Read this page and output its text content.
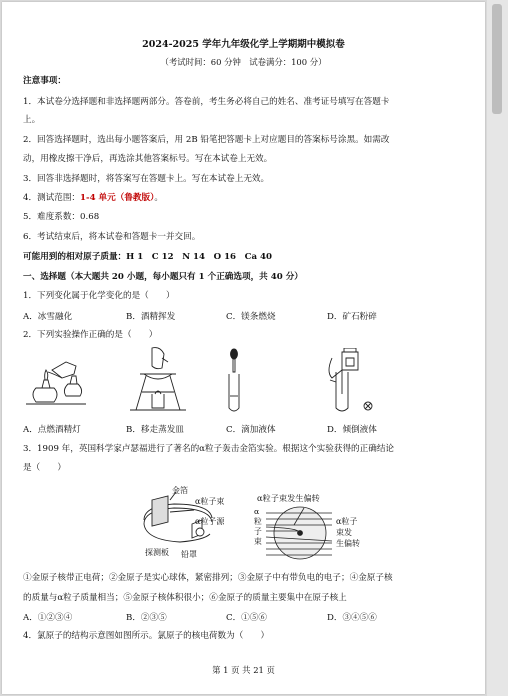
2024-2025 学年九年级化学上学期期中模拟卷
（考试时间：60 分钟　试卷满分：100 分）
注意事项：
1．本试卷分选择题和非选择题两部分。答卷前，考生务必将自己的姓名、准考证号填写在答题卡
上。
2．回答选择题时，选出每小题答案后，用 2B 铅笔把答题卡上对应题目的答案标号涂黑。如需改
动，用橡皮擦干净后，再选涂其他答案标号。写在本试卷上无效。
3．回答非选择题时，将答案写在答题卡上。写在本试卷上无效。
4．测试范围：1-4 单元（鲁教版）。
5．难度系数：0.68
6．考试结束后，将本试卷和答题卡一并交回。
可能用到的相对原子质量：H 1　C 12　N 14　O 16　Ca 40
一、选择题（本大题共 20 小题，每小题只有 1 个正确选项，共 40 分）
1．下列变化属于化学变化的是（　　）
A．冰雪融化	B．酒精挥发	C．镁条燃烧	D．矿石粉碎
2．下列实验操作正确的是（　　）
A．点燃酒精灯	B．移走蒸发皿	C．滴加液体	D．倾倒液体
3．1909 年，英国科学家卢瑟福进行了著名的α粒子轰击金箔实验。根据这个实验获得的正确结论
是（　　）
金箔
α粒子束
α粒子源
探测板 铅罩
α粒子束发生偏转
α
粒
子
束
α粒子
束发
生偏转
①金原子核带正电荷；②金原子是实心球体，紧密排列；③金原子中有带负电的电子；④金原子核
的质量与α粒子质量相当；⑤金原子核体积很小；⑥金原子的质量主要集中在原子核上
A．①②③④	B．②③⑤	C．①⑤⑥	D．③④⑤⑥
4．氯原子的结构示意图如图所示。氯原子的核电荷数为（　　）
第 1 页 共 21 页
